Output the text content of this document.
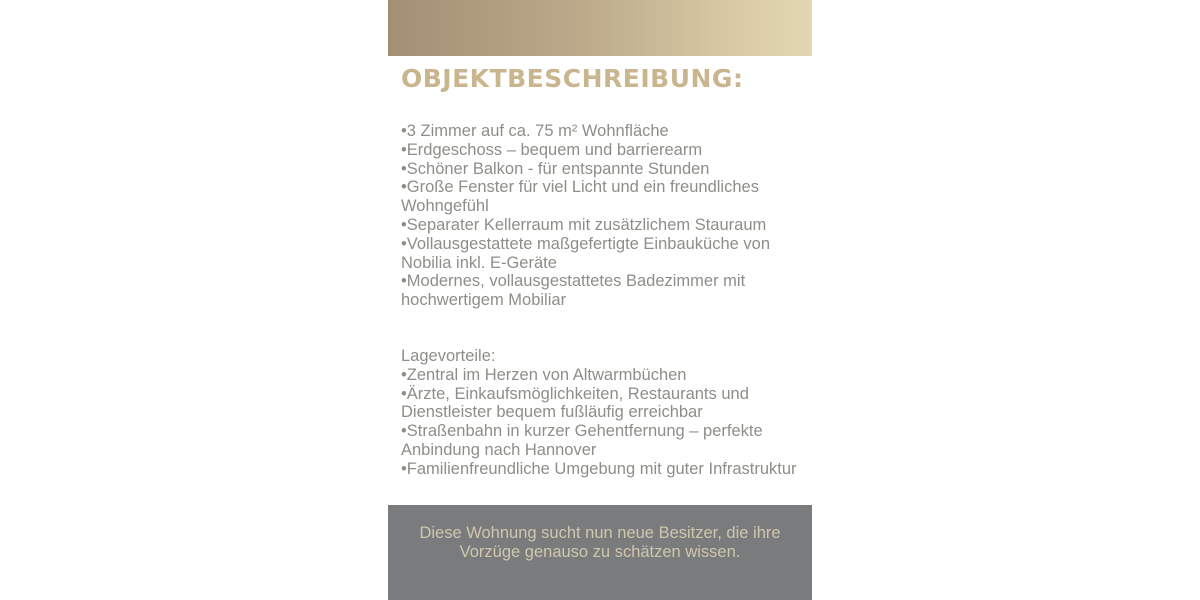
OBJEKTBESCHREIBUNG:
•3 Zimmer auf ca. 75 m² Wohnfläche
•Erdgeschoss – bequem und barrierearm
•Schöner Balkon - für entspannte Stunden
•Große Fenster für viel Licht und ein freundliches Wohngefühl
•Separater Kellerraum mit zusätzlichem Stauraum
•Vollausgestattete maßgefertigte Einbauküche von Nobilia inkl. E-Geräte
•Modernes, vollausgestattetes Badezimmer mit hochwertigem Mobiliar
Lagevorteile:
•Zentral im Herzen von Altwarmbüchen
•Ärzte, Einkaufsmöglichkeiten, Restaurants und Dienstleister bequem fußläufig erreichbar
•Straßenbahn in kurzer Gehentfernung – perfekte Anbindung nach Hannover
•Familienfreundliche Umgebung mit guter Infrastruktur

Diese Wohnung sucht nun neue Besitzer, die ihre Vorzüge genauso zu schätzen wissen.
